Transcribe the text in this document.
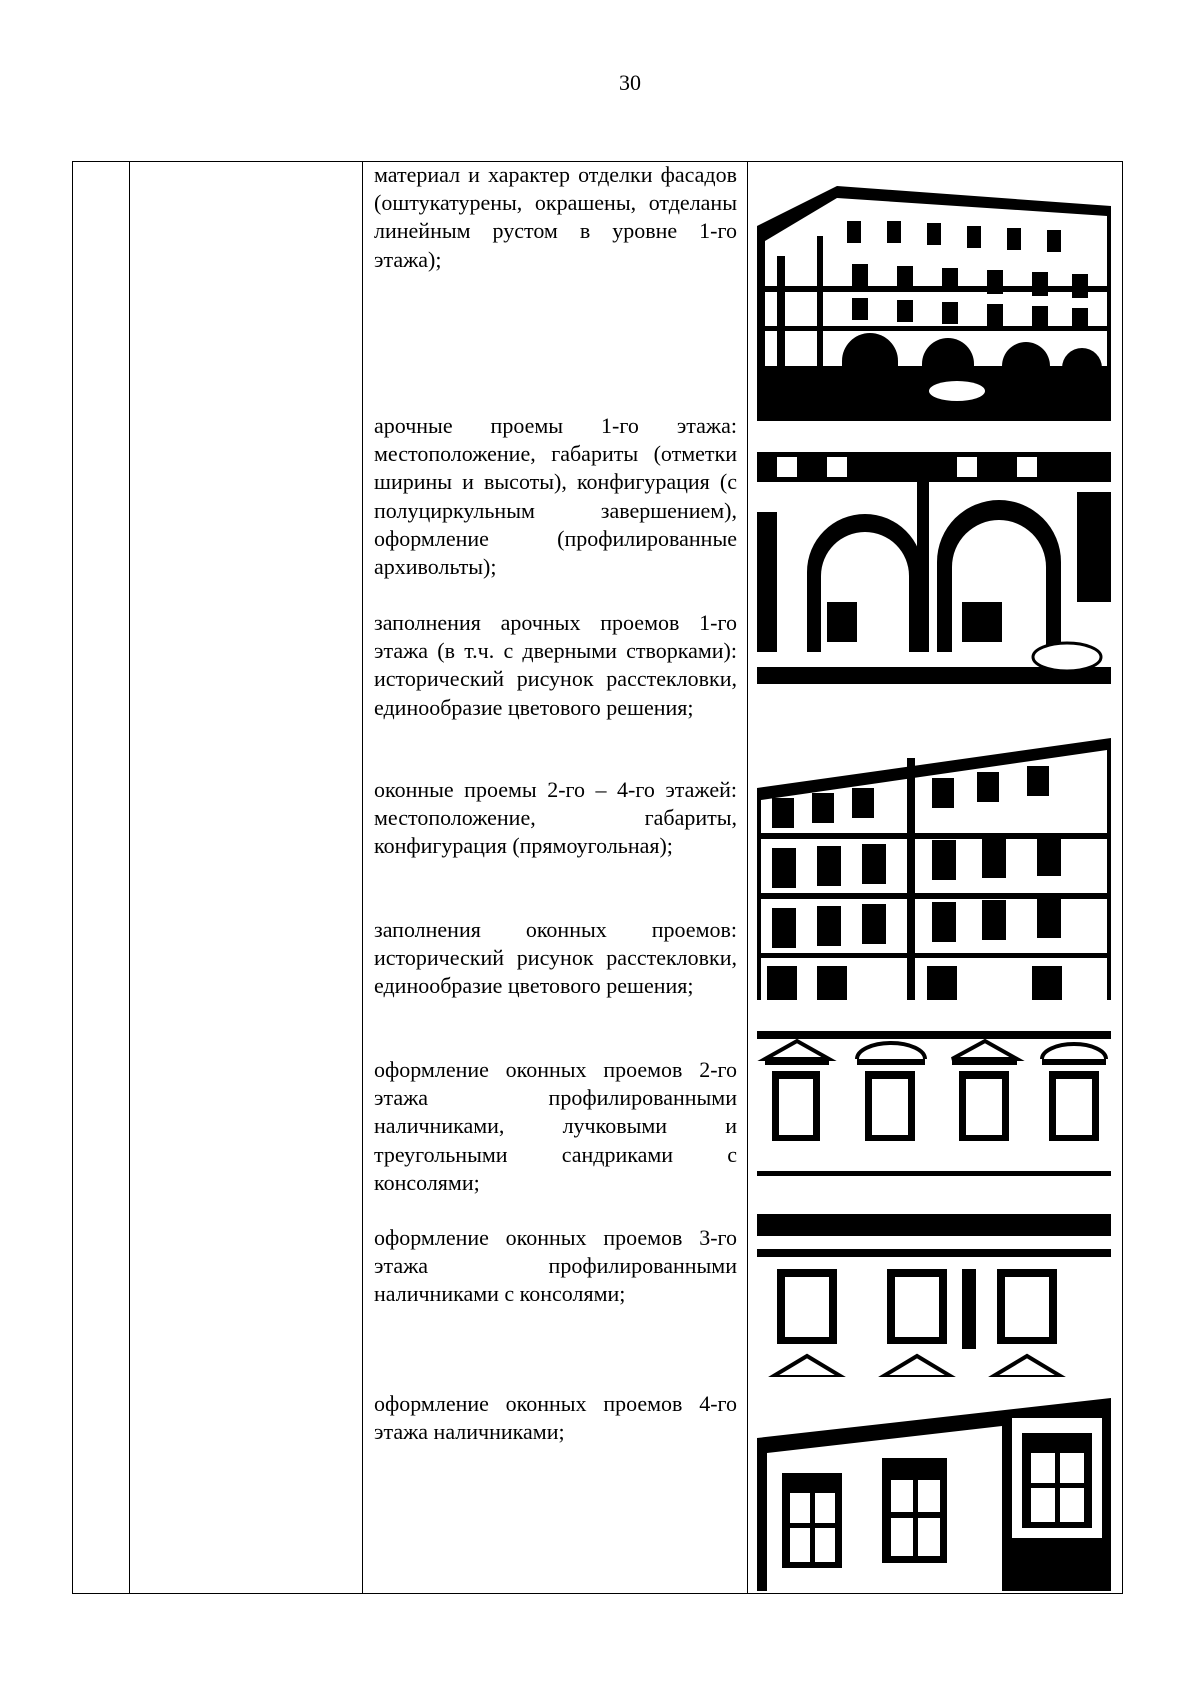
30
материал и характер отделки фасадов (оштукатурены, окрашены, отделаны линейным рустом в уровне 1-го этажа);
арочные проемы 1-го этажа: местоположение, габариты (отметки ширины и высоты), конфигурация (с полуциркульным завершением), оформление (профилированные архивольты);
заполнения арочных проемов 1-го этажа (в т.ч. с дверными створками): исторический рисунок расстекловки, единообразие цветового решения;
оконные проемы 2-го – 4-го этажей: местоположение, габариты, конфигурация (прямоугольная);
заполнения оконных проемов: исторический рисунок расстекловки, единообразие цветового решения;
оформление оконных проемов 2-го этажа профилированными наличниками, лучковыми и треугольными сандриками с консолями;
оформление оконных проемов 3-го этажа профилированными наличниками с консолями;
оформление оконных проемов 4-го этажа наличниками;
